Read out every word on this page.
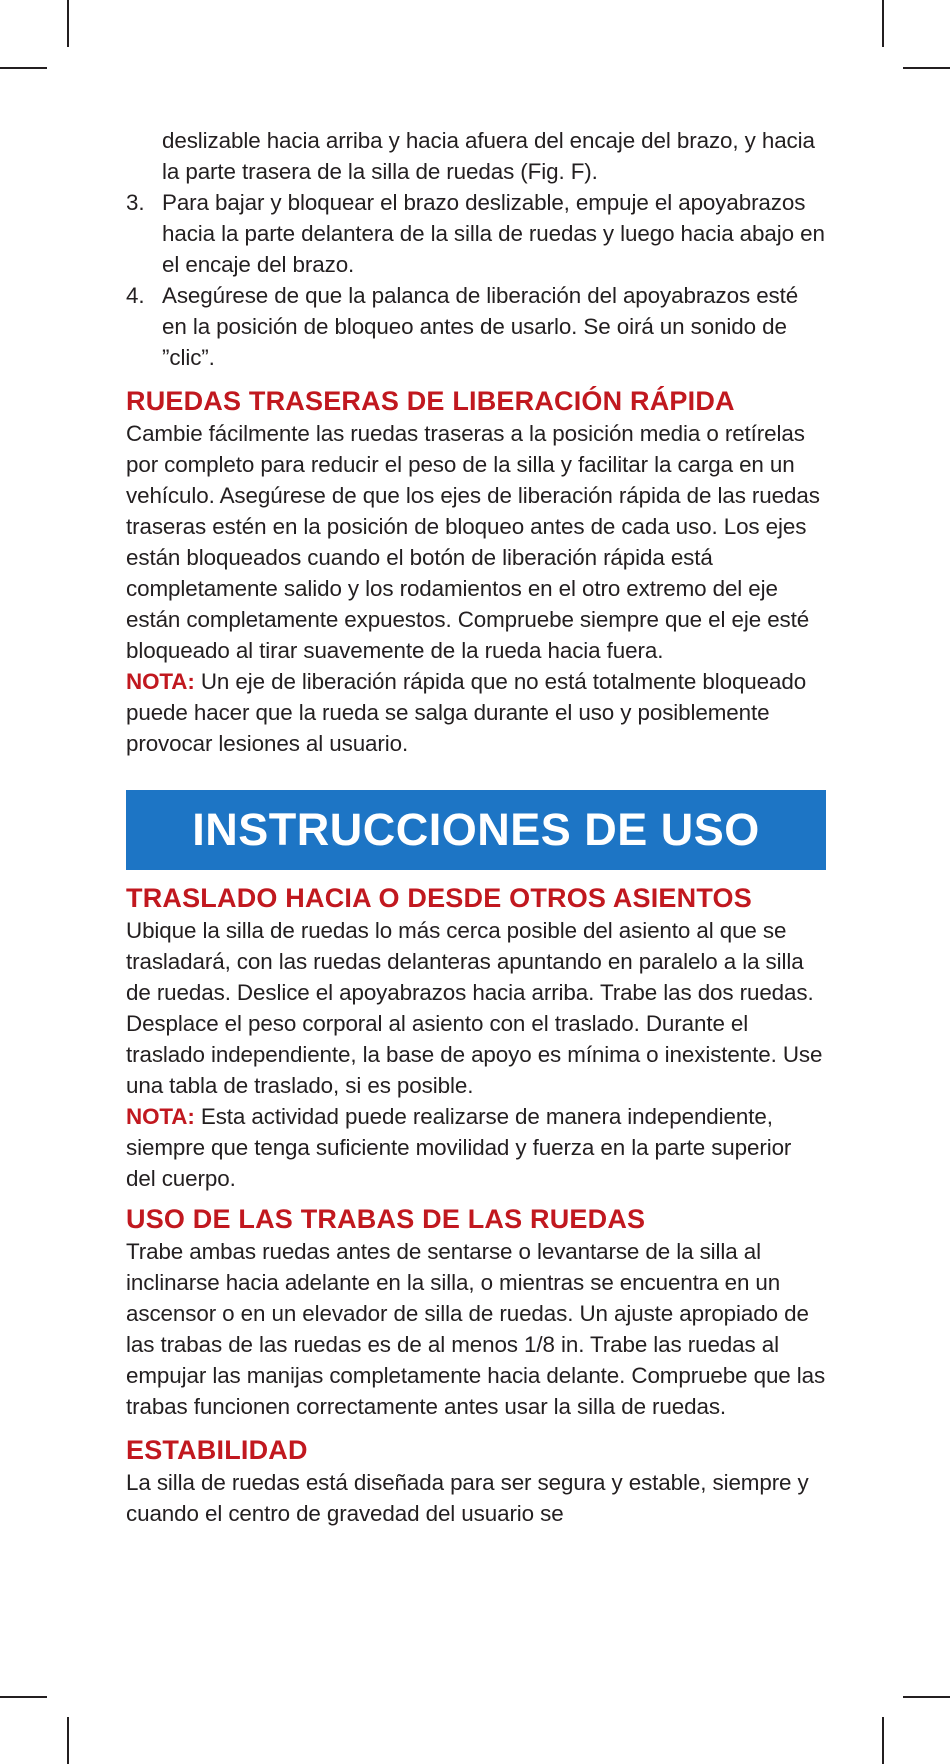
deslizable hacia arriba y hacia afuera del encaje del brazo, y hacia la parte trasera de la silla de ruedas (Fig. F).

3. Para bajar y bloquear el brazo deslizable, empuje el apoyabrazos hacia la parte delantera de la silla de ruedas y luego hacia abajo en el encaje del brazo.
4. Asegúrese de que la palanca de liberación del apoyabrazos esté en la posición de bloqueo antes de usarlo. Se oirá un sonido de ”clic”.
RUEDAS TRASERAS DE LIBERACIÓN RÁPIDA

Cambie fácilmente las ruedas traseras a la posición media o retírelas por completo para reducir el peso de la silla y facilitar la carga en un vehículo. Asegúrese de que los ejes de liberación rápida de las ruedas traseras estén en la posición de bloqueo antes de cada uso. Los ejes están bloqueados cuando el botón de liberación rápida está completamente salido y los rodamientos en el otro extremo del eje están completamente expuestos. Compruebe siempre que el eje esté bloqueado al tirar suavemente de la rueda hacia fuera.

NOTA: Un eje de liberación rápida que no está totalmente bloqueado puede hacer que la rueda se salga durante el uso y posiblemente provocar lesiones al usuario.

INSTRUCCIONES DE USO
TRASLADO HACIA O DESDE OTROS ASIENTOS

Ubique la silla de ruedas lo más cerca posible del asiento al que se trasladará, con las ruedas delanteras apuntando en paralelo a la silla de ruedas. Deslice el apoyabrazos hacia arriba. Trabe las dos ruedas. Desplace el peso corporal al asiento con el traslado. Durante el traslado independiente, la base de apoyo es mínima o inexistente. Use una tabla de traslado, si es posible.

NOTA: Esta actividad puede realizarse de manera independiente, siempre que tenga suficiente movilidad y fuerza en la parte superior del cuerpo.

USO DE LAS TRABAS DE LAS RUEDAS

Trabe ambas ruedas antes de sentarse o levantarse de la silla al inclinarse hacia adelante en la silla, o mientras se encuentra en un ascensor o en un elevador de silla de ruedas. Un ajuste apropiado de las trabas de las ruedas es de al menos 1/8 in. Trabe las ruedas al empujar las manijas completamente hacia delante. Compruebe que las trabas funcionen correctamente antes usar la silla de ruedas.

ESTABILIDAD

La silla de ruedas está diseñada para ser segura y estable, siempre y cuando el centro de gravedad del usuario se
